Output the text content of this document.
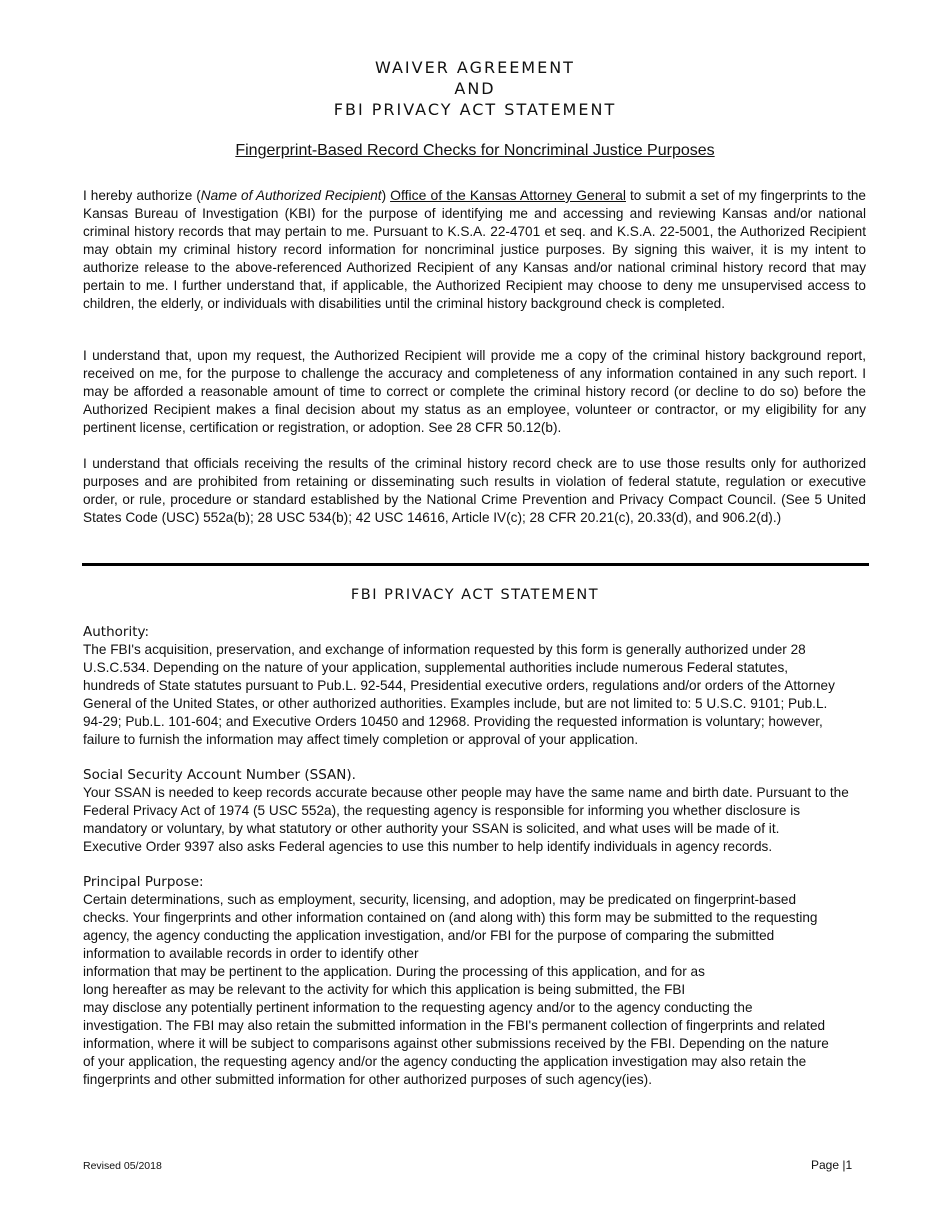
WAIVER AGREEMENT
AND
FBI PRIVACY ACT STATEMENT
Fingerprint-Based Record Checks for Noncriminal Justice Purposes
I hereby authorize (Name of Authorized Recipient) Office of the Kansas Attorney General to submit a set of my fingerprints to the Kansas Bureau of Investigation (KBI) for the purpose of identifying me and accessing and reviewing Kansas and/or national criminal history records that may pertain to me. Pursuant to K.S.A. 22-4701 et seq. and K.S.A. 22-5001, the Authorized Recipient may obtain my criminal history record information for noncriminal justice purposes. By signing this waiver, it is my intent to authorize release to the above-referenced Authorized Recipient of any Kansas and/or national criminal history record that may pertain to me. I further understand that, if applicable, the Authorized Recipient may choose to deny me unsupervised access to children, the elderly, or individuals with disabilities until the criminal history background check is completed.
I understand that, upon my request, the Authorized Recipient will provide me a copy of the criminal history background report, received on me, for the purpose to challenge the accuracy and completeness of any information contained in any such report. I may be afforded a reasonable amount of time to correct or complete the criminal history record (or decline to do so) before the Authorized Recipient makes a final decision about my status as an employee, volunteer or contractor, or my eligibility for any pertinent license, certification or registration, or adoption. See 28 CFR 50.12(b).
I understand that officials receiving the results of the criminal history record check are to use those results only for authorized purposes and are prohibited from retaining or disseminating such results in violation of federal statute, regulation or executive order, or rule, procedure or standard established by the National Crime Prevention and Privacy Compact Council. (See 5 United States Code (USC) 552a(b); 28 USC 534(b); 42 USC 14616, Article IV(c); 28 CFR 20.21(c), 20.33(d), and 906.2(d).)
FBI PRIVACY ACT STATEMENT
Authority:
The FBI's acquisition, preservation, and exchange of information requested by this form is generally authorized under 28
U.S.C.534. Depending on the nature of your application, supplemental authorities include numerous Federal statutes,
hundreds of State statutes pursuant to Pub.L. 92-544, Presidential executive orders, regulations and/or orders of the Attorney
General of the United States, or other authorized authorities. Examples include, but are not limited to: 5 U.S.C. 9101; Pub.L.
94-29; Pub.L. 101-604; and Executive Orders 10450 and 12968. Providing the requested information is voluntary; however,
failure to furnish the information may affect timely completion or approval of your application.
Social Security Account Number (SSAN).
Your SSAN is needed to keep records accurate because other people may have the same name and birth date. Pursuant to the
Federal Privacy Act of 1974 (5 USC 552a), the requesting agency is responsible for informing you whether disclosure is
mandatory or voluntary, by what statutory or other authority your SSAN is solicited, and what uses will be made of it.
Executive Order 9397 also asks Federal agencies to use this number to help identify individuals in agency records.
Principal Purpose:
Certain determinations, such as employment, security, licensing, and adoption, may be predicated on fingerprint-based
checks. Your fingerprints and other information contained on (and along with) this form may be submitted to the requesting
agency, the agency conducting the application investigation, and/or FBI for the purpose of comparing the submitted
information to available records in order to identify other
information that may be pertinent to the application. During the processing of this application, and for as
long hereafter as may be relevant to the activity for which this application is being submitted, the FBI
may disclose any potentially pertinent information to the requesting agency and/or to the agency conducting the
investigation. The FBI may also retain the submitted information in the FBI's permanent collection of fingerprints and related
information, where it will be subject to comparisons against other submissions received by the FBI. Depending on the nature
of your application, the requesting agency and/or the agency conducting the application investigation may also retain the
fingerprints and other submitted information for other authorized purposes of such agency(ies).
Revised 05/2018	Page |1
